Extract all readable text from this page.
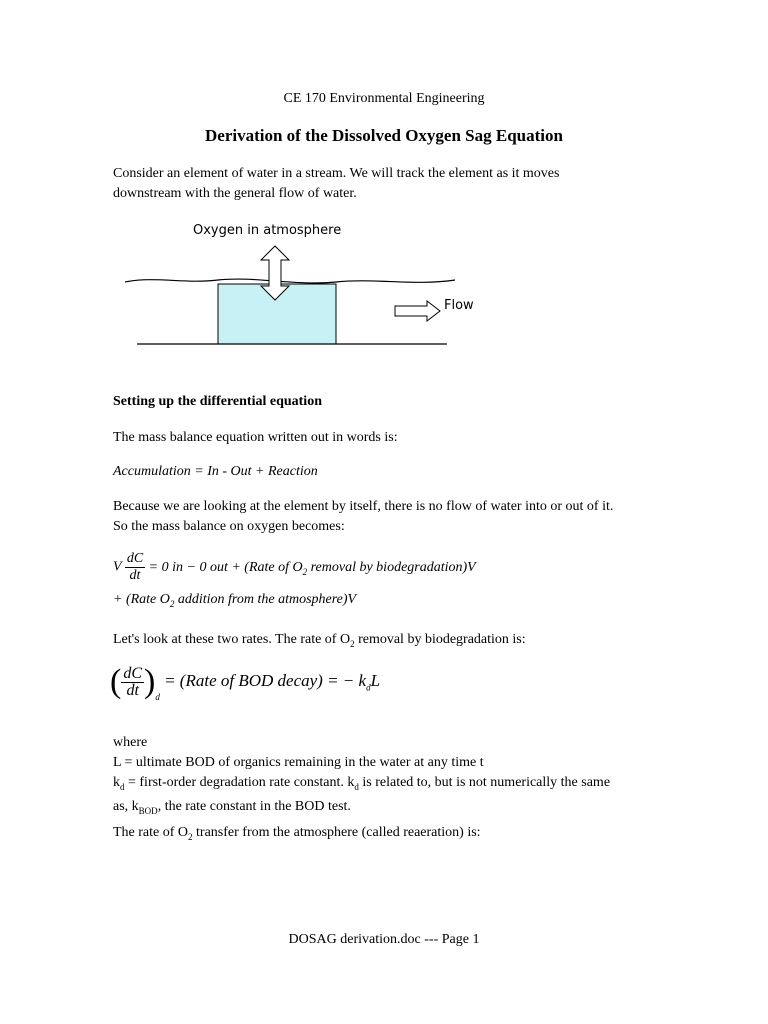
CE 170 Environmental Engineering
Derivation of the Dissolved Oxygen Sag Equation
Consider an element of water in a stream. We will track the element as it moves
downstream with the general flow of water.
Oxygen in atmosphere
Flow
Setting up the differential equation
The mass balance equation written out in words is:
Accumulation = In - Out + Reaction
Because we are looking at the element by itself, there is no flow of water into or out of it.
So the mass balance on oxygen becomes:
V $\frac{dC}{dt} = 0$ in − 0 out + (Rate of $O_2$ removal by biodegradation)V
+ (Rate $O_2$ addition from the atmosphere)V
Let's look at these two rates. The rate of $O_2$ removal by biodegradation is:
( $\frac{dC}{dt} )_d$ = (Rate of BOD decay) = − $k_dL$
where
L = ultimate BOD of organics remaining in the water at any time t
$k_d$ = first-order degradation rate constant. $k_d$ is related to, but is not numerically the same
as, $k_{BOD}$, the rate constant in the BOD test.
The rate of $O_2$ transfer from the atmosphere (called reaeration) is:
DOSAG derivation.doc --- Page 1
